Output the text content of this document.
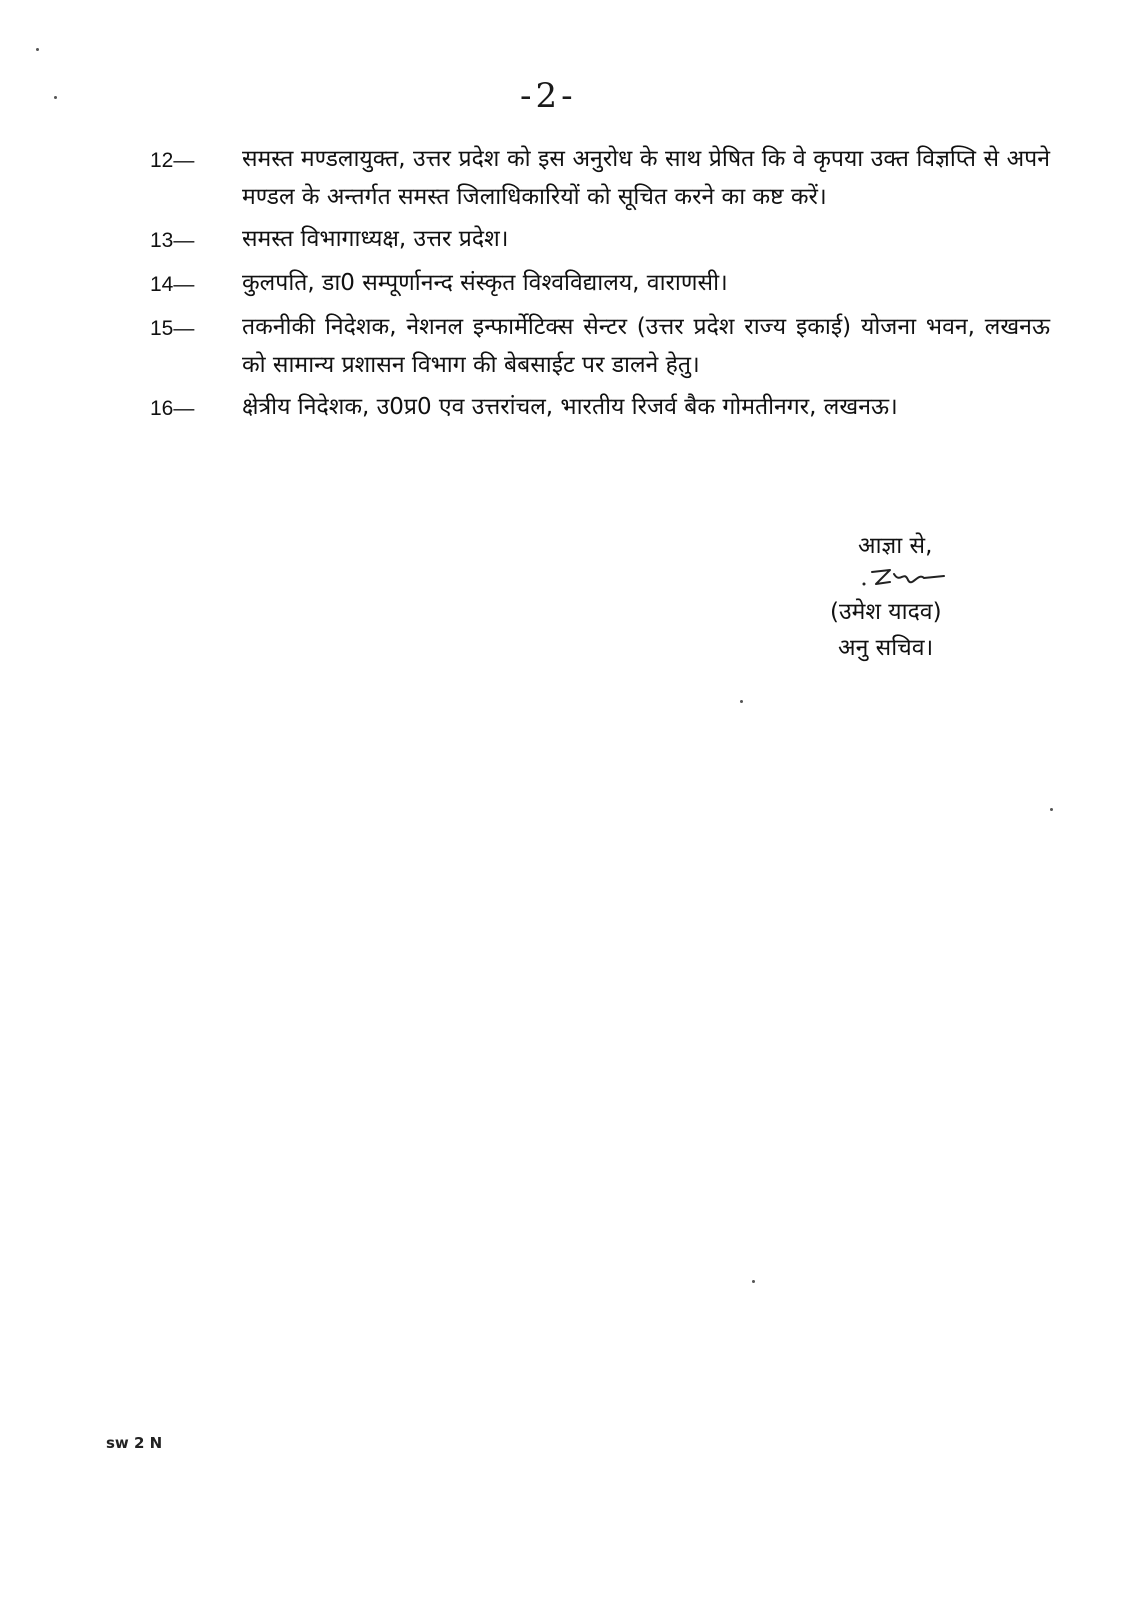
-2-
12—	समस्त मण्डलायुक्त, उत्तर प्रदेश को इस अनुरोध के साथ प्रेषित कि वे कृपया उक्त विज्ञप्ति से अपने मण्डल के अन्तर्गत समस्त जिलाधिकारियों को सूचित करने का कष्ट करें।
13—	समस्त विभागाध्यक्ष, उत्तर प्रदेश।
14—	कुलपति, डा0 सम्पूर्णानन्द संस्कृत विश्वविद्यालय, वाराणसी।
15—	तकनीकी निदेशक, नेशनल इन्फार्मेटिक्स सेन्टर (उत्तर प्रदेश राज्य इकाई) योजना भवन, लखनऊ को सामान्य प्रशासन विभाग की बेबसाईट पर डालने हेतु।
16—	क्षेत्रीय निदेशक, उ0प्र0 एव उत्तरांचल, भारतीय रिजर्व बैक गोमतीनगर, लखनऊ।
आज्ञा से,
(उमेश यादव)
अनु सचिव।
sw 2 N
